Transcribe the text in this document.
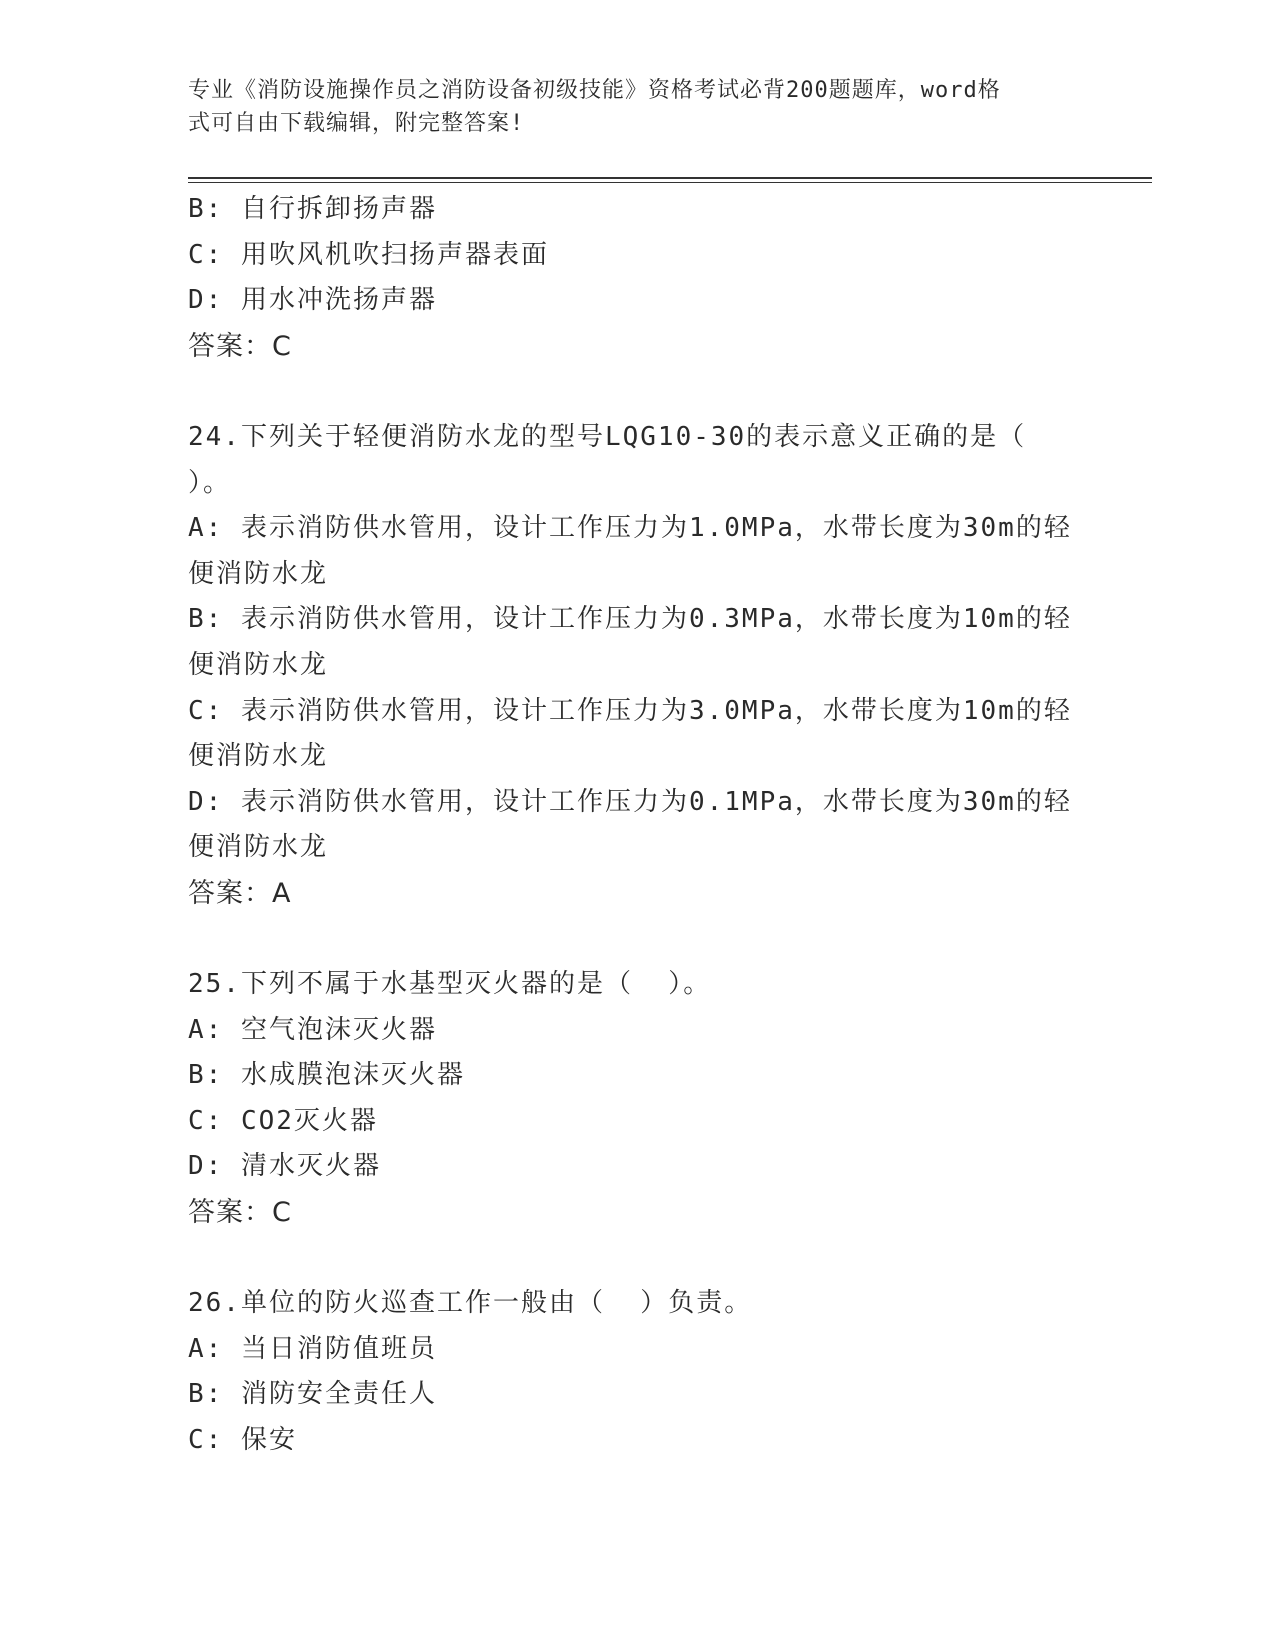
专业《消防设施操作员之消防设备初级技能》资格考试必背200题题库，word格
式可自由下载编辑，附完整答案!
B: 自行拆卸扬声器
C: 用吹风机吹扫扬声器表面
D: 用水冲洗扬声器
答案：C
24.下列关于轻便消防水龙的型号LQG10-30的表示意义正确的是（
）。
A: 表示消防供水管用，设计工作压力为1.0MPa，水带长度为30m的轻
便消防水龙
B: 表示消防供水管用，设计工作压力为0.3MPa，水带长度为10m的轻
便消防水龙
C: 表示消防供水管用，设计工作压力为3.0MPa，水带长度为10m的轻
便消防水龙
D: 表示消防供水管用，设计工作压力为0.1MPa，水带长度为30m的轻
便消防水龙
答案：A
25.下列不属于水基型灭火器的是（  ）。
A: 空气泡沫灭火器
B: 水成膜泡沫灭火器
C: CO2灭火器
D: 清水灭火器
答案：C
26.单位的防火巡查工作一般由（  ）负责。
A: 当日消防值班员
B: 消防安全责任人
C: 保安
